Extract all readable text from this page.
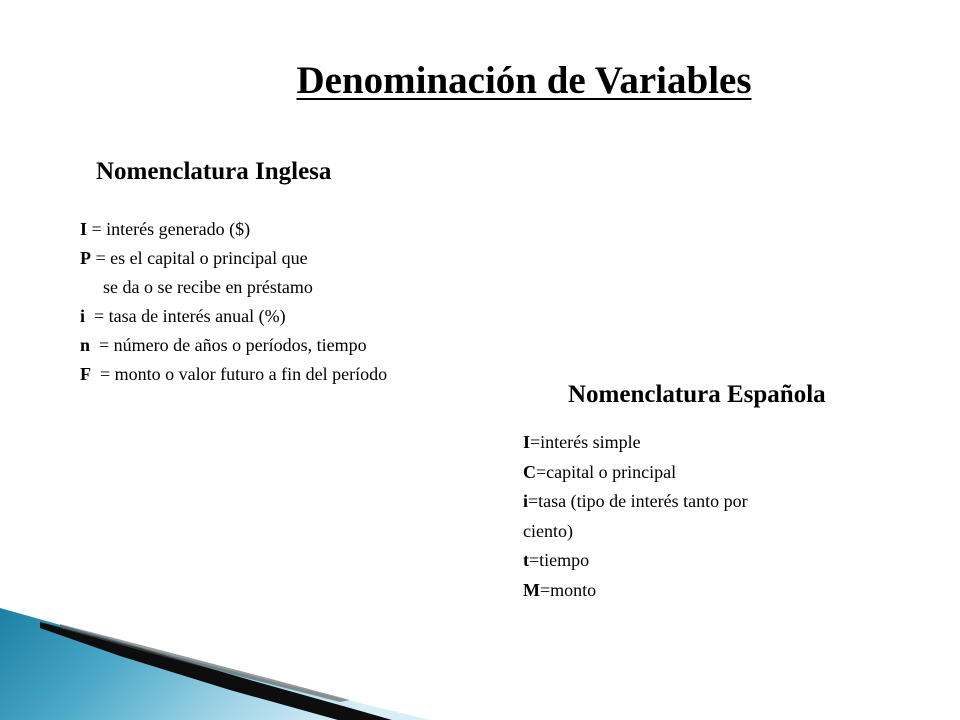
Denominación de Variables
Nomenclatura Inglesa
I = interés generado ($)
P = es el capital o principal que
se da o se recibe en préstamo
i  = tasa de interés anual (%)
n  = número de años o períodos, tiempo
F  = monto o valor futuro a fin del período
Nomenclatura Española
I=interés simple
C=capital o principal
i=tasa (tipo de interés tanto por
ciento)
t=tiempo
M=monto
